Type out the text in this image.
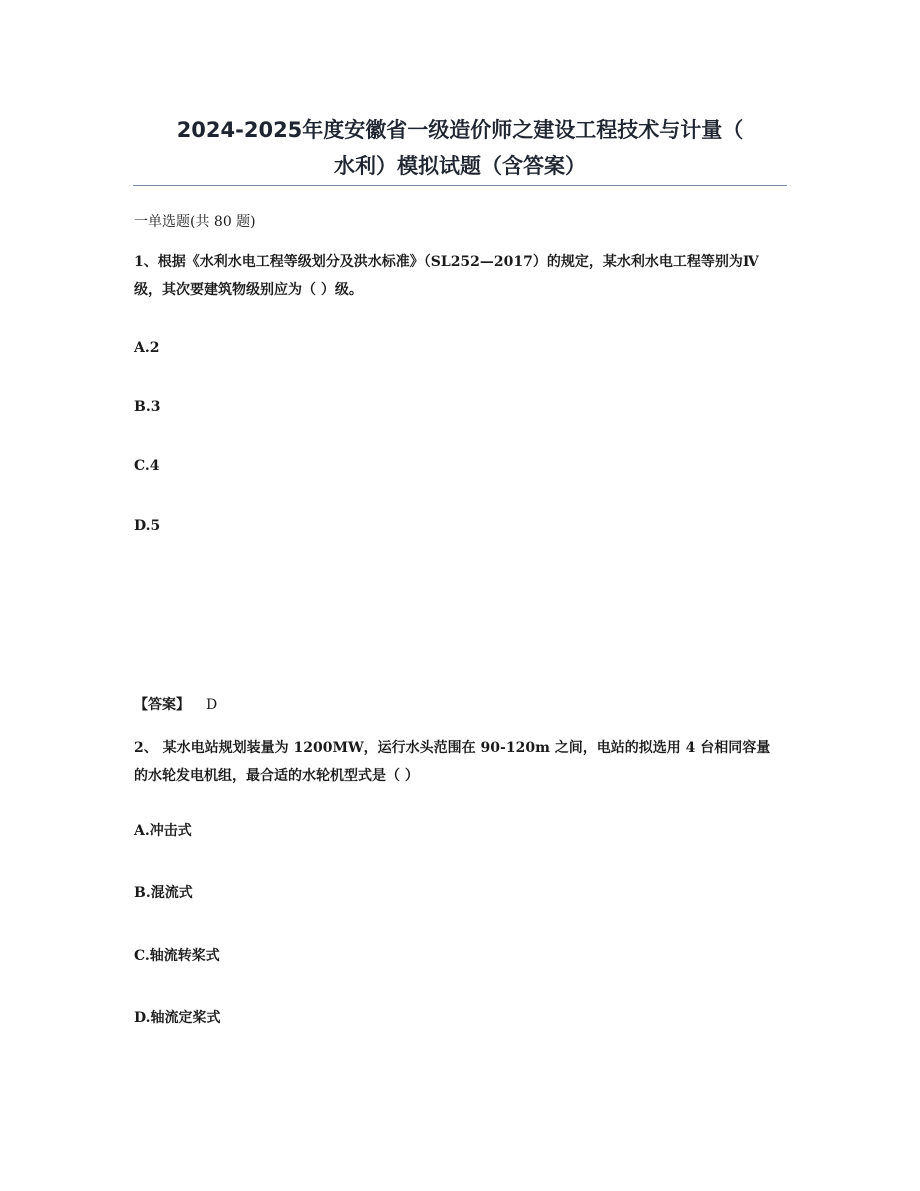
2024-2025年度安徽省一级造价师之建设工程技术与计量（
水利）模拟试题（含答案）
一单选题(共 80 题)
1、根据《水利水电工程等级划分及洪水标准》（SL252—2017）的规定，某水利水电工程等别为Ⅳ级，其次要建筑物级别应为（ ）级。
A.2
B.3
C.4
D.5
【答案】 D
2、 某水电站规划装量为 1200MW，运行水头范围在 90-120m 之间，电站的拟选用 4 台相同容量的水轮发电机组，最合适的水轮机型式是（ ）
A.冲击式
B.混流式
C.轴流转桨式
D.轴流定桨式
